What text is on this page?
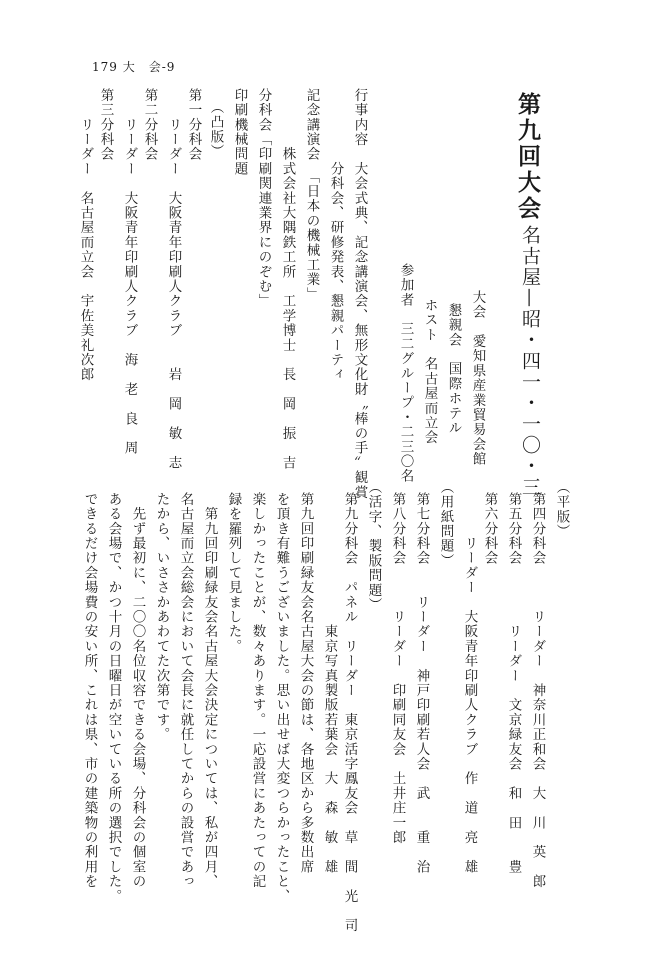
179 大　会-9
第九回大会
名古屋—昭・四一・一〇・三
大会　愛知県産業貿易会館
懇親会　国際ホテル
ホスト　名古屋而立会
参加者　三二グループ・二三〇名
行事内容　大会式典、記念講演会、無形文化財〝棒の手〟観賞
　　　　　分科会、研修発表、懇親パーティ
記念講演会　「日本の機械工業」
　　　　株式会社大隅鉄工所　工学博士　長　岡　振　吉
分科会「印刷関連業界にのぞむ」
印刷機械問題
（凸版）
第一分科会
　　リーダー　大阪青年印刷人クラブ　　岩　岡　敏　志
第二分科会
　　リーダー　大阪青年印刷人クラブ　海　老　良　周
第三分科会
　　リーダー　名古屋而立会　宇佐美礼次郎
（平版）
第四分科会　　　リーダー　神奈川正和会　大　川　英　郎
第五分科会　　　　リーダー　文京緑友会　和　田　　豊
第六分科会
　　　リーダー　大阪青年印刷人クラブ　作　道　亮　雄
（用紙問題）
第七分科会　　リーダー　神戸印刷若人会　武　　重　治
第八分科会　　　リーダー　印刷同友会　土井庄一郎
（活字、製版問題）
第九分科会　パネル　リーダー　東京活字鳳友会　草　間　光　司
　　　　　　　　　東京写真製版若葉会　大　森　敏　雄
第九回印刷緑友会名古屋大会の節は、各地区から多数出席
を頂き有難うございました。思い出せば大変つらかったこと、
楽しかったことが、数々あります。一応設営にあたっての記
録を羅列して見ました。
　第九回印刷緑友会名古屋大会決定については、私が四月、
名古屋而立会総会において会長に就任してからの設営であっ
たから、いささかあわてた次第です。
　先ず最初に、二〇〇名位収容できる会場、分科会の個室の
ある会場で、かつ十月の日曜日が空いている所の選択でした。
できるだけ会場費の安い所、これは県、市の建築物の利用を
